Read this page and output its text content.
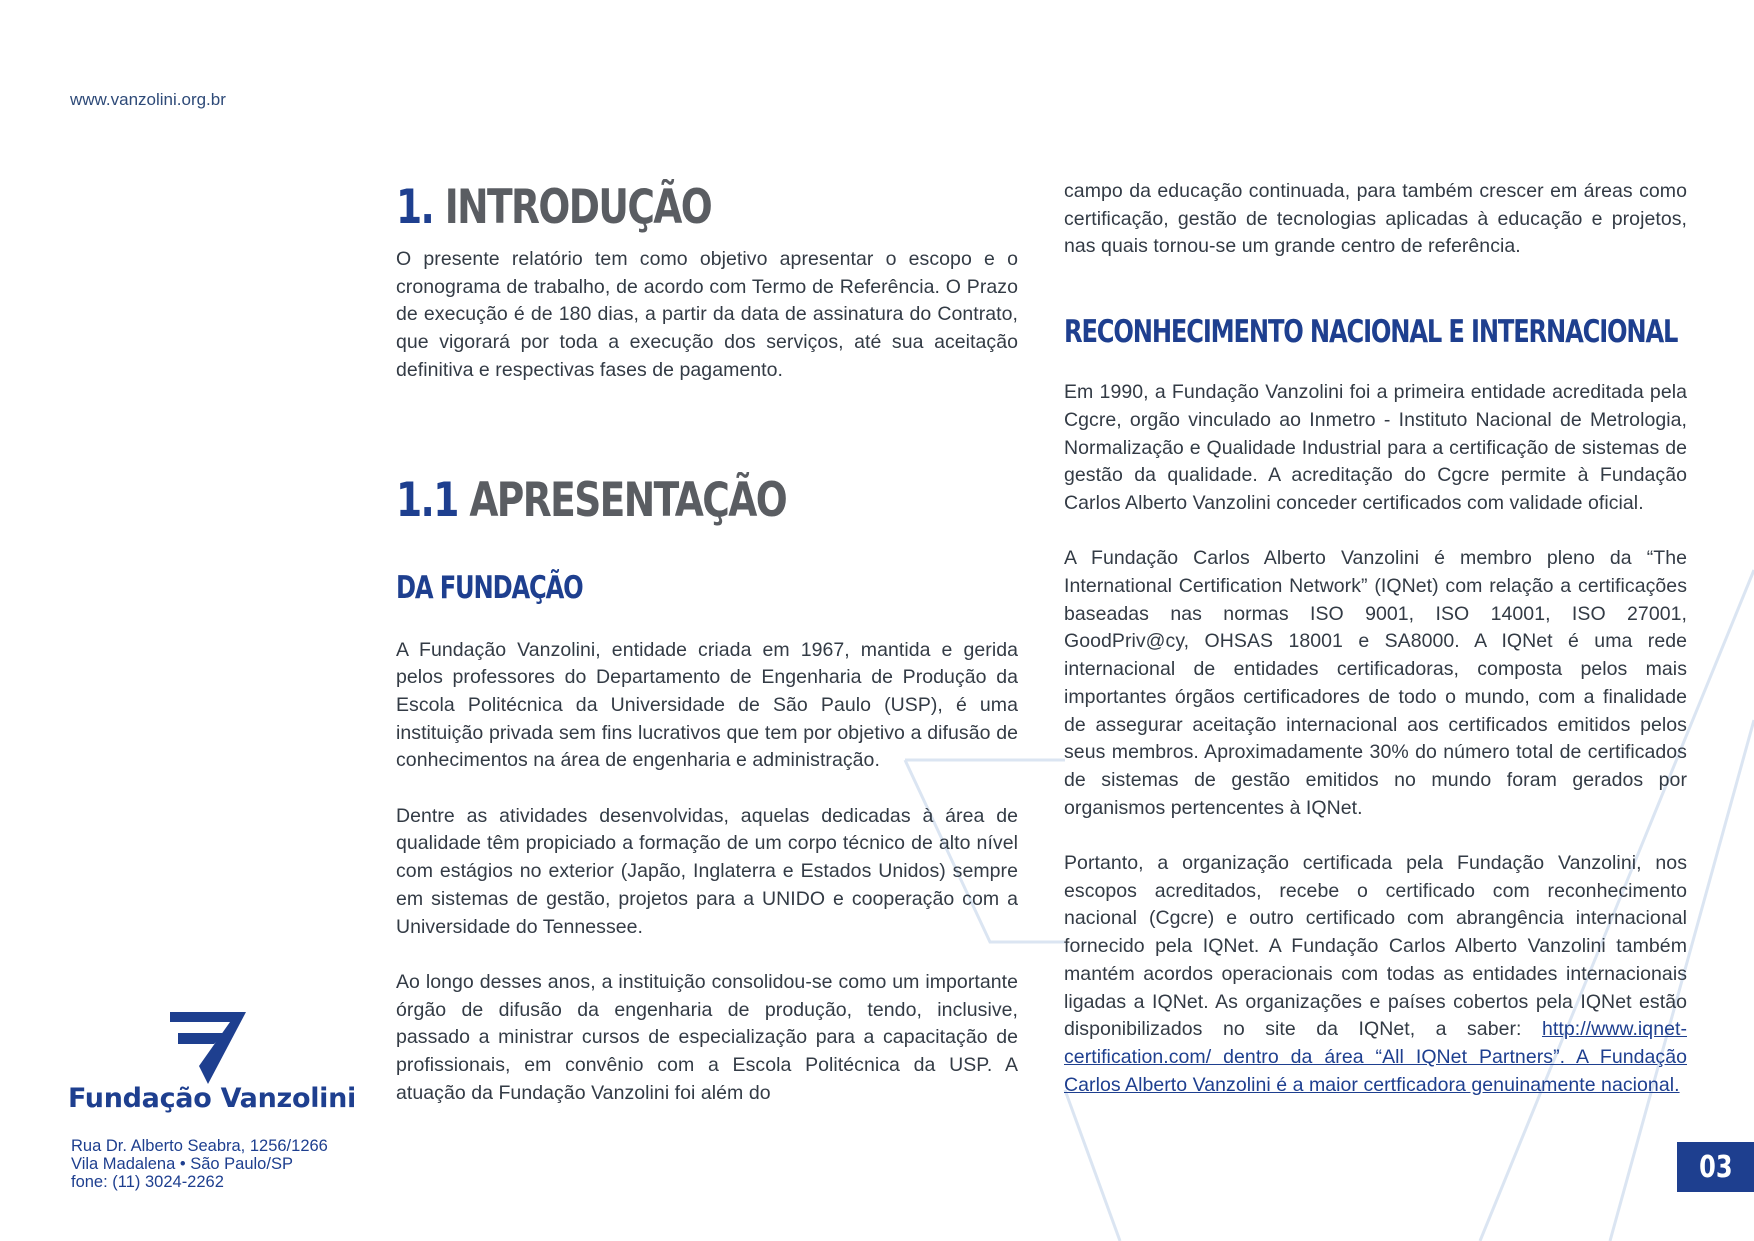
www.vanzolini.org.br
1. INTRODUÇÃO

O presente relatório tem como objetivo apresentar o escopo e o cronograma de trabalho, de acordo com Termo de Referência. O Prazo de execução é de 180 dias, a partir da data de assinatura do Contrato, que vigorará por toda a execução dos serviços, até sua aceitação definitiva e respectivas fases de pagamento.

1.1 APRESENTAÇÃO
DA FUNDAÇÃO

A Fundação Vanzolini, entidade criada em 1967, mantida e gerida pelos professores do Departamento de Engenharia de Produção da Escola Politécnica da Universidade de São Paulo (USP), é uma instituição privada sem fins lucrativos que tem por objetivo a difusão de conhecimentos na área de engenharia e administração.

Dentre as atividades desenvolvidas, aquelas dedicadas à área de qualidade têm propiciado a formação de um corpo técnico de alto nível com estágios no exterior (Japão, Inglaterra e Estados Unidos) sempre em sistemas de gestão, projetos para a UNIDO e cooperação com a Universidade do Tennessee.

Ao longo desses anos, a instituição consolidou-se como um importante órgão de difusão da engenharia de produção, tendo, inclusive, passado a ministrar cursos de especialização para a capacitação de profissionais, em convênio com a Escola Politécnica da USP. A atuação da Fundação Vanzolini foi além do

campo da educação continuada, para também crescer em áreas como certificação, gestão de tecnologias aplicadas à educação e projetos, nas quais tornou-se um grande centro de referência.

RECONHECIMENTO NACIONAL E INTERNACIONAL

Em 1990, a Fundação Vanzolini foi a primeira entidade acreditada pela Cgcre, orgão vinculado ao Inmetro - Instituto Nacional de Metrologia, Normalização e Qualidade Industrial para a certificação de sistemas de gestão da qualidade. A acreditação do Cgcre permite à Fundação Carlos Alberto Vanzolini conceder certificados com validade oficial.

A Fundação Carlos Alberto Vanzolini é membro pleno da “The International Certification Network” (IQNet) com relação a certificações baseadas nas normas ISO 9001, ISO 14001, ISO 27001, GoodPriv@cy, OHSAS 18001 e SA8000. A IQNet é uma rede internacional de entidades certificadoras, composta pelos mais importantes órgãos certificadores de todo o mundo, com a finalidade de assegurar aceitação internacional aos certificados emitidos pelos seus membros. Aproximadamente 30% do número total de certificados de sistemas de gestão emitidos no mundo foram gerados por organismos pertencentes à IQNet.

Portanto, a organização certificada pela Fundação Vanzolini, nos escopos acreditados, recebe o certificado com reconhecimento nacional (Cgcre) e outro certificado com abrangência internacional fornecido pela IQNet. A Fundação Carlos Alberto Vanzolini também mantém acordos operacionais com todas as entidades internacionais ligadas a IQNet. As organizações e países cobertos pela IQNet estão disponibilizados no site da IQNet, a saber: http://www.iqnet-certification.com/ dentro da área “All IQNet Partners”. A Fundação Carlos Alberto Vanzolini é a maior certficadora genuinamente nacional.

Fundação Vanzolini
Rua Dr. Alberto Seabra, 1256/1266
Vila Madalena • São Paulo/SP
fone: (11) 3024-2262	03
